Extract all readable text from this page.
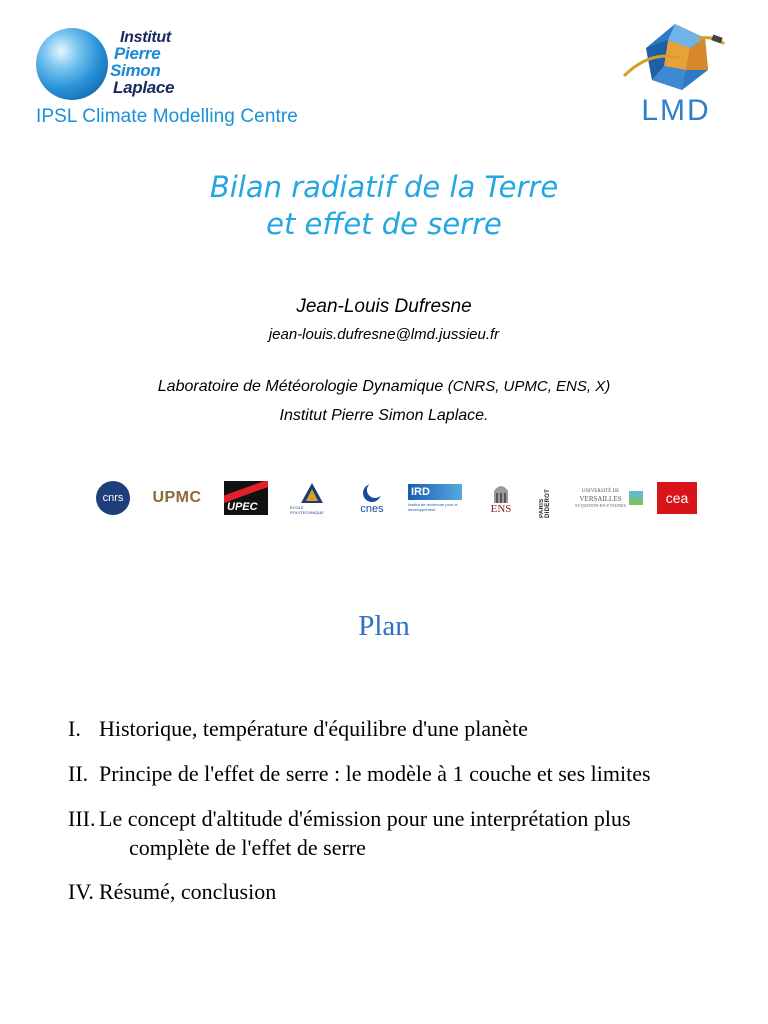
Institut
Pierre
Simon
Laplace
IPSL Climate Modelling Centre	LMD
Bilan radiatif de la Terre
et effet de serre
Jean-Louis Dufresne
jean-louis.dufresne@lmd.jussieu.fr
Laboratoire de Météorologie Dynamique (CNRS, UPMC, ENS, X)
Institut Pierre Simon Laplace.
cnrs	UPMC
UPEC	ÉCOLE POLYTECHNIQUE	cnes
IRD
Institut de recherche pour le développement	ENS	PARIS DIDEROT	UNIVERSITÉ DE
VERSAILLES
ST-QUENTIN-EN-YVELINES	cea
Plan
I. Historique, température d'équilibre d'une planète
II. Principe de l'effet de serre : le modèle à 1 couche et ses limites
III. Le concept d'altitude d'émission pour une interprétation plus
complète de l'effet de serre
IV. Résumé, conclusion
